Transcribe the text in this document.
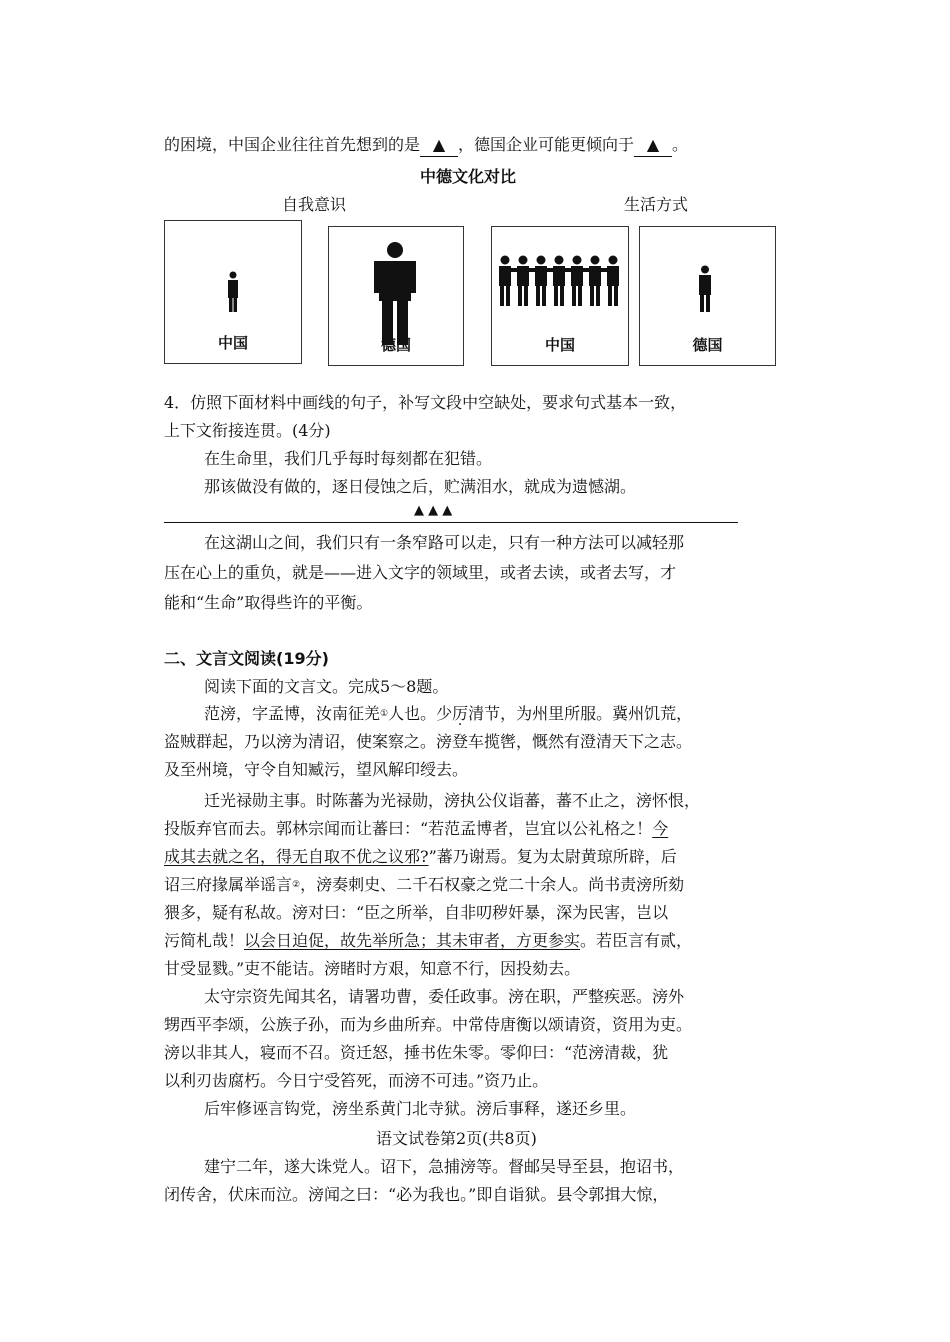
的困境，中国企业往往首先想到的是 ▲ ，德国企业可能更倾向于 ▲ 。
中德文化对比
自我意识	生活方式
中国	德国	中国	德国
4．仿照下面材料中画线的句子，补写文段中空缺处，要求句式基本一致，
上下文衔接连贯。(4分)
在生命里，我们几乎每时每刻都在犯错。
那该做没有做的，逐日侵蚀之后，贮满泪水，就成为遗憾湖。
▲ ▲ ▲
在这湖山之间，我们只有一条窄路可以走，只有一种方法可以减轻那
压在心上的重负，就是——进入文字的领域里，或者去读，或者去写，才
能和“生命”取得些许的平衡。
二、文言文阅读(19分)
阅读下面的文言文。完成5～8题。
范滂，字孟博，汝南征羌①人也。少厉清节，为州里所服。冀州饥荒，
盗贼群起，乃以滂为清诏，使案察之。滂登车揽辔，慨然有澄清天下之志。
及至州境，守令自知臧污，望风解印绶去。
迁光禄勋主事。时陈蕃为光禄勋，滂执公仪诣蕃，蕃不止之，滂怀恨，
投版弃官而去。郭林宗闻而让蕃曰：“若范孟博者，岂宜以公礼格之！今
成其去就之名，得无自取不优之议邪?”蕃乃谢焉。复为太尉黄琼所辟，后
诏三府掾属举谣言②，滂奏刺史、二千石权豪之党二十余人。尚书责滂所劾
猥多，疑有私故。滂对曰：“臣之所举，自非叨秽奸暴，深为民害，岂以
污简札哉！以会日迫促，故先举所急；其未审者，方更参实。若臣言有贰，
甘受显戮。”吏不能诘。滂睹时方艰，知意不行，因投劾去。
太守宗资先闻其名，请署功曹，委任政事。滂在职，严整疾恶。滂外
甥西平李颂，公族子孙，而为乡曲所弃。中常侍唐衡以颂请资，资用为吏。
滂以非其人，寝而不召。资迁怒，捶书佐朱零。零仰曰：“范滂清裁，犹
以利刃齿腐朽。今日宁受笞死，而滂不可违。”资乃止。
后牢修诬言钩党，滂坐系黄门北寺狱。滂后事释，遂还乡里。
语文试卷第2页(共8页)
建宁二年，遂大诛党人。诏下，急捕滂等。督邮吴导至县，抱诏书，
闭传舍，伏床而泣。滂闻之曰：“必为我也。”即自诣狱。县令郭揖大惊，
